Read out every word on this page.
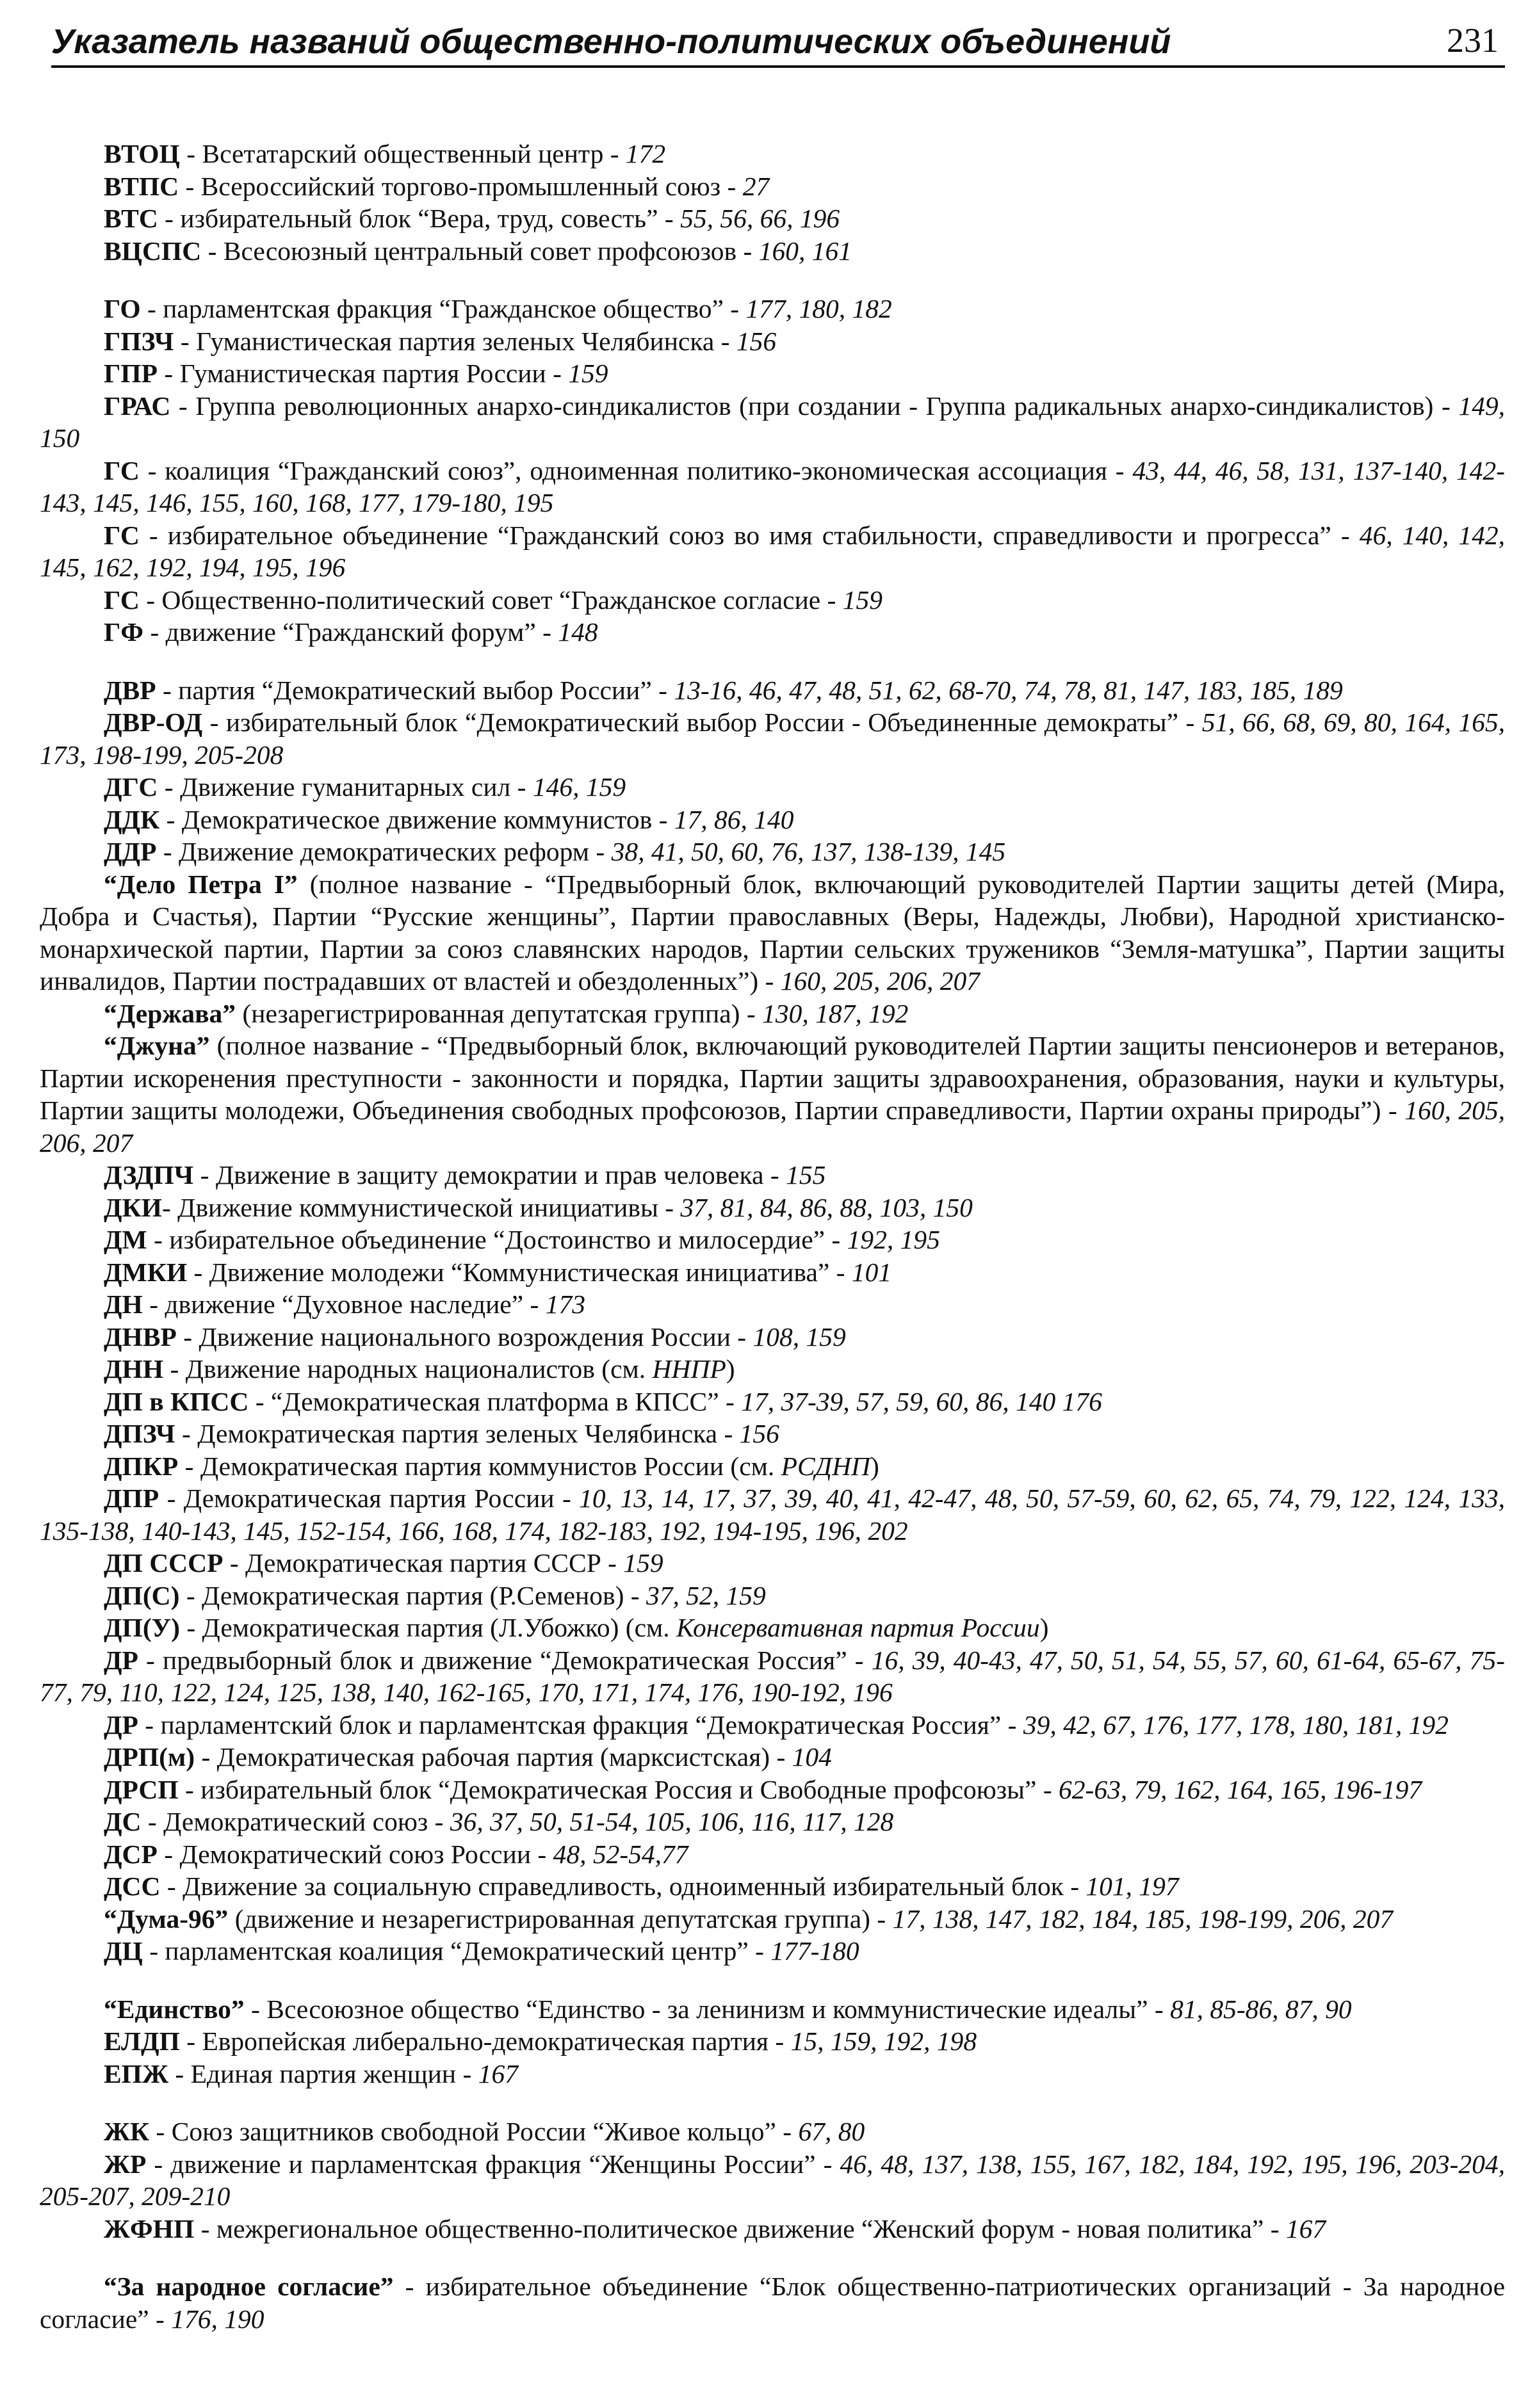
Указатель названий общественно-политических объединений	231
ВТОЦ - Всетатарский общественный центр - 172
ВТПС - Всероссийский торгово-промышленный союз - 27
ВТС - избирательный блок “Вера, труд, совесть” - 55, 56, 66, 196
ВЦСПС - Всесоюзный центральный совет профсоюзов - 160, 161
ГО - парламентская фракция “Гражданское общество” - 177, 180, 182
ГПЗЧ - Гуманистическая партия зеленых Челябинска - 156
ГПР - Гуманистическая партия России - 159
ГРАС - Группа революционных анархо-синдикалистов (при создании - Группа радикальных анархо-синдикалистов) - 149, 150
ГС - коалиция “Гражданский союз”, одноименная политико-экономическая ассоциация - 43, 44, 46, 58, 131, 137-140, 142-143, 145, 146, 155, 160, 168, 177, 179-180, 195
ГС - избирательное объединение “Гражданский союз во имя стабильности, справедливости и прогресса” - 46, 140, 142, 145, 162, 192, 194, 195, 196
ГС - Общественно-политический совет “Гражданское согласие - 159
ГФ - движение “Гражданский форум” - 148
ДВР - партия “Демократический выбор России” - 13-16, 46, 47, 48, 51, 62, 68-70, 74, 78, 81, 147, 183, 185, 189
ДВР-ОД - избирательный блок “Демократический выбор России - Объединенные демократы” - 51, 66, 68, 69, 80, 164, 165, 173, 198-199, 205-208
ДГС - Движение гуманитарных сил - 146, 159
ДДК - Демократическое движение коммунистов - 17, 86, 140
ДДР - Движение демократических реформ - 38, 41, 50, 60, 76, 137, 138-139, 145
“Дело Петра I” (полное название - “Предвыборный блок, включающий руководителей Партии защиты детей (Мира, Добра и Счастья), Партии “Русские женщины”, Партии православных (Веры, Надежды, Любви), Народной христианско-монархической партии, Партии за союз славянских народов, Партии сельских тружеников “Земля-матушка”, Партии защиты инвалидов, Партии пострадавших от властей и обездоленных”) - 160, 205, 206, 207
“Держава” (незарегистрированная депутатская группа) - 130, 187, 192
“Джуна” (полное название - “Предвыборный блок, включающий руководителей Партии защиты пенсионеров и ветеранов, Партии искоренения преступности - законности и порядка, Партии защиты здравоохранения, образования, науки и культуры, Партии защиты молодежи, Объединения свободных профсоюзов, Партии справедливости, Партии охраны природы”) - 160, 205, 206, 207
ДЗДПЧ - Движение в защиту демократии и прав человека - 155
ДКИ- Движение коммунистической инициативы - 37, 81, 84, 86, 88, 103, 150
ДМ - избирательное объединение “Достоинство и милосердие” - 192, 195
ДМКИ - Движение молодежи “Коммунистическая инициатива” - 101
ДН - движение “Духовное наследие” - 173
ДНВР - Движение национального возрождения России - 108, 159
ДНН - Движение народных националистов (см. ННПР)
ДП в КПСС - “Демократическая платформа в КПСС” - 17, 37-39, 57, 59, 60, 86, 140 176
ДПЗЧ - Демократическая партия зеленых Челябинска - 156
ДПКР - Демократическая партия коммунистов России (см. РСДНП)
ДПР - Демократическая партия России - 10, 13, 14, 17, 37, 39, 40, 41, 42-47, 48, 50, 57-59, 60, 62, 65, 74, 79, 122, 124, 133, 135-138, 140-143, 145, 152-154, 166, 168, 174, 182-183, 192, 194-195, 196, 202
ДП СССР - Демократическая партия СССР - 159
ДП(С) - Демократическая партия (Р.Семенов) - 37, 52, 159
ДП(У) - Демократическая партия (Л.Убожко) (см. Консервативная партия России)
ДР - предвыборный блок и движение “Демократическая Россия” - 16, 39, 40-43, 47, 50, 51, 54, 55, 57, 60, 61-64, 65-67, 75-77, 79, 110, 122, 124, 125, 138, 140, 162-165, 170, 171, 174, 176, 190-192, 196
ДР - парламентский блок и парламентская фракция “Демократическая Россия” - 39, 42, 67, 176, 177, 178, 180, 181, 192
ДРП(м) - Демократическая рабочая партия (марксистская) - 104
ДРСП - избирательный блок “Демократическая Россия и Свободные профсоюзы” - 62-63, 79, 162, 164, 165, 196-197
ДС - Демократический союз - 36, 37, 50, 51-54, 105, 106, 116, 117, 128
ДСР - Демократический союз России - 48, 52-54,77
ДСС - Движение за социальную справедливость, одноименный избирательный блок - 101, 197
“Дума-96” (движение и незарегистрированная депутатская группа) - 17, 138, 147, 182, 184, 185, 198-199, 206, 207
ДЦ - парламентская коалиция “Демократический центр” - 177-180
“Единство” - Всесоюзное общество “Единство - за ленинизм и коммунистические идеалы” - 81, 85-86, 87, 90
ЕЛДП - Европейская либерально-демократическая партия - 15, 159, 192, 198
ЕПЖ - Единая партия женщин - 167
ЖК - Союз защитников свободной России “Живое кольцо” - 67, 80
ЖР - движение и парламентская фракция “Женщины России” - 46, 48, 137, 138, 155, 167, 182, 184, 192, 195, 196, 203-204, 205-207, 209-210
ЖФНП - межрегиональное общественно-политическое движение “Женский форум - новая политика” - 167
“За народное согласие” - избирательное объединение “Блок общественно-патриотических организаций - За народное согласие” - 176, 190
